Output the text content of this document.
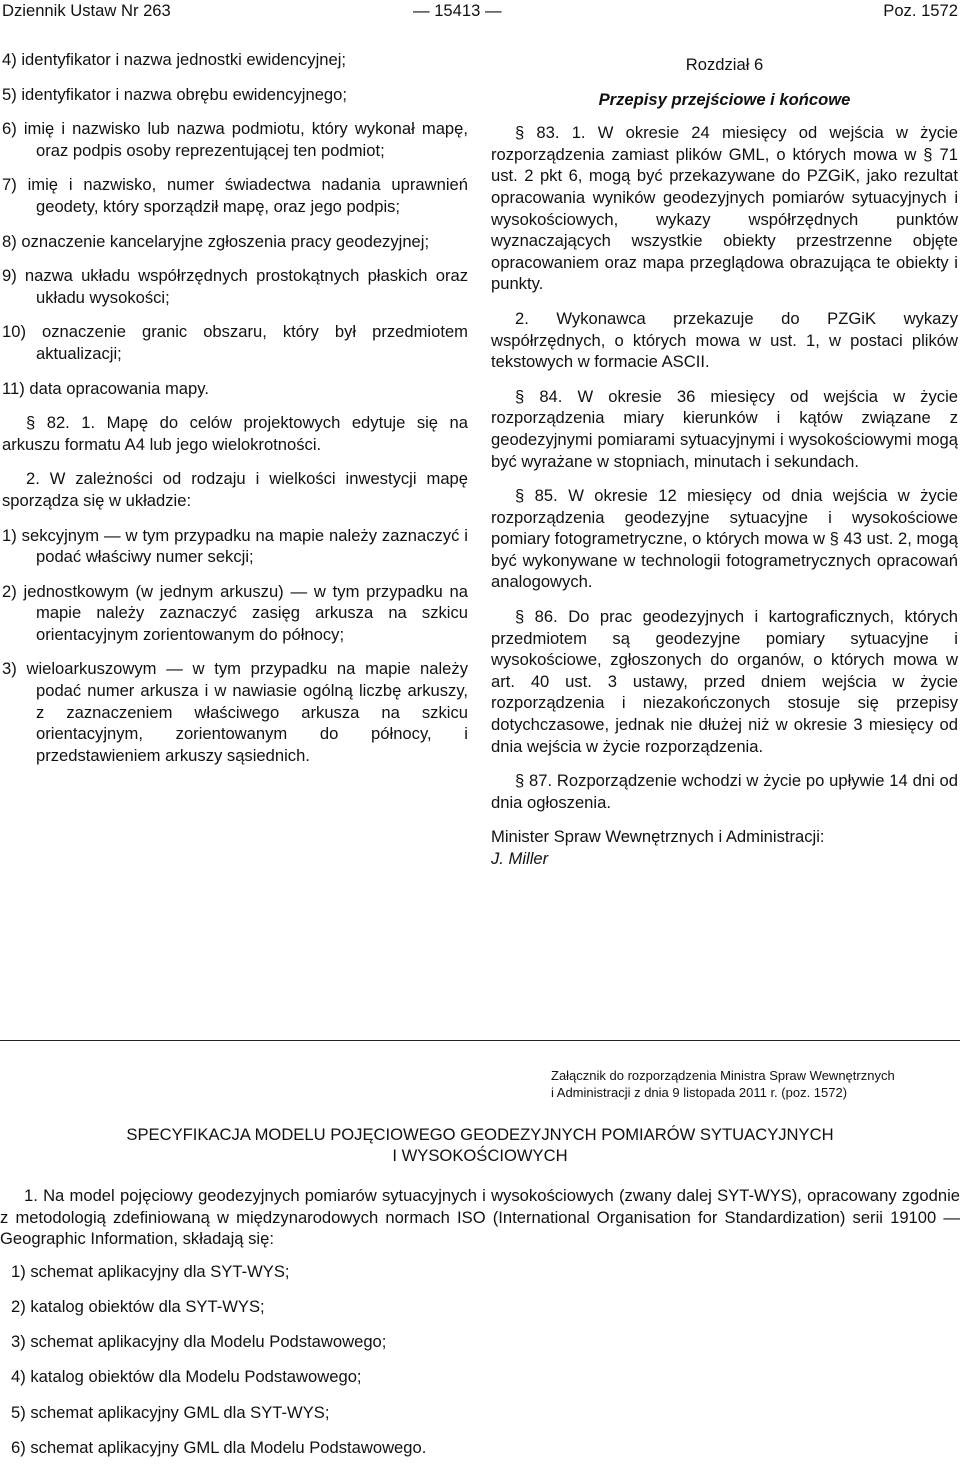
Dziennik Ustaw Nr 263	— 15413 —	Poz. 1572

4) identyfikator i nazwa jednostki ewidencyjnej;

5) identyfikator i nazwa obrębu ewidencyjnego;

6) imię i nazwisko lub nazwa podmiotu, który wykonał mapę, oraz podpis osoby reprezentującej ten podmiot;

7) imię i nazwisko, numer świadectwa nadania uprawnień geodety, który sporządził mapę, oraz jego podpis;

8) oznaczenie kancelaryjne zgłoszenia pracy geodezyjnej;

9) nazwa układu współrzędnych prostokątnych płaskich oraz układu wysokości;

10) oznaczenie granic obszaru, który był przedmiotem aktualizacji;

11) data opracowania mapy.

§ 82. 1. Mapę do celów projektowych edytuje się na arkuszu formatu A4 lub jego wielokrotności.

2. W zależności od rodzaju i wielkości inwestycji mapę sporządza się w układzie:

1) sekcyjnym — w tym przypadku na mapie należy zaznaczyć i podać właściwy numer sekcji;

2) jednostkowym (w jednym arkuszu) — w tym przypadku na mapie należy zaznaczyć zasięg arkusza na szkicu orientacyjnym zorientowanym do północy;

3) wieloarkuszowym — w tym przypadku na mapie należy podać numer arkusza i w nawiasie ogólną liczbę arkuszy, z zaznaczeniem właściwego arkusza na szkicu orientacyjnym, zorientowanym do północy, i przedstawieniem arkuszy sąsiednich.

Rozdział 6

Przepisy przejściowe i końcowe

§ 83. 1. W okresie 24 miesięcy od wejścia w życie rozporządzenia zamiast plików GML, o których mowa w § 71 ust. 2 pkt 6, mogą być przekazywane do PZGiK, jako rezultat opracowania wyników geodezyjnych pomiarów sytuacyjnych i wysokościowych, wykazy współrzędnych punktów wyznaczających wszystkie obiekty przestrzenne objęte opracowaniem oraz mapa przeglądowa obrazująca te obiekty i punkty.

2. Wykonawca przekazuje do PZGiK wykazy współrzędnych, o których mowa w ust. 1, w postaci plików tekstowych w formacie ASCII.

§ 84. W okresie 36 miesięcy od wejścia w życie rozporządzenia miary kierunków i kątów związane z geodezyjnymi pomiarami sytuacyjnymi i wysokościowymi mogą być wyrażane w stopniach, minutach i sekundach.

§ 85. W okresie 12 miesięcy od dnia wejścia w życie rozporządzenia geodezyjne sytuacyjne i wysokościowe pomiary fotogrametryczne, o których mowa w § 43 ust. 2, mogą być wykonywane w technologii fotogrametrycznych opracowań analogowych.

§ 86. Do prac geodezyjnych i kartograficznych, których przedmiotem są geodezyjne pomiary sytuacyjne i wysokościowe, zgłoszonych do organów, o których mowa w art. 40 ust. 3 ustawy, przed dniem wejścia w życie rozporządzenia i niezakończonych stosuje się przepisy dotychczasowe, jednak nie dłużej niż w okresie 3 miesięcy od dnia wejścia w życie rozporządzenia.

§ 87. Rozporządzenie wchodzi w życie po upływie 14 dni od dnia ogłoszenia.

Minister Spraw Wewnętrznych i Administracji:

J. Miller

Załącznik do rozporządzenia Ministra Spraw Wewnętrznych
i Administracji z dnia 9 listopada 2011 r. (poz. 1572)
SPECYFIKACJA MODELU POJĘCIOWEGO GEODEZYJNYCH POMIARÓW SYTUACYJNYCH
I WYSOKOŚCIOWYCH

1. Na model pojęciowy geodezyjnych pomiarów sytuacyjnych i wysokościowych (zwany dalej SYT-WYS), opracowany zgodnie z metodologią zdefiniowaną w międzynarodowych normach ISO (International Organisation for Standardization) serii 19100 — Geographic Information, składają się:

1) schemat aplikacyjny dla SYT-WYS;
2) katalog obiektów dla SYT-WYS;
3) schemat aplikacyjny dla Modelu Podstawowego;
4) katalog obiektów dla Modelu Podstawowego;
5) schemat aplikacyjny GML dla SYT-WYS;
6) schemat aplikacyjny GML dla Modelu Podstawowego.
